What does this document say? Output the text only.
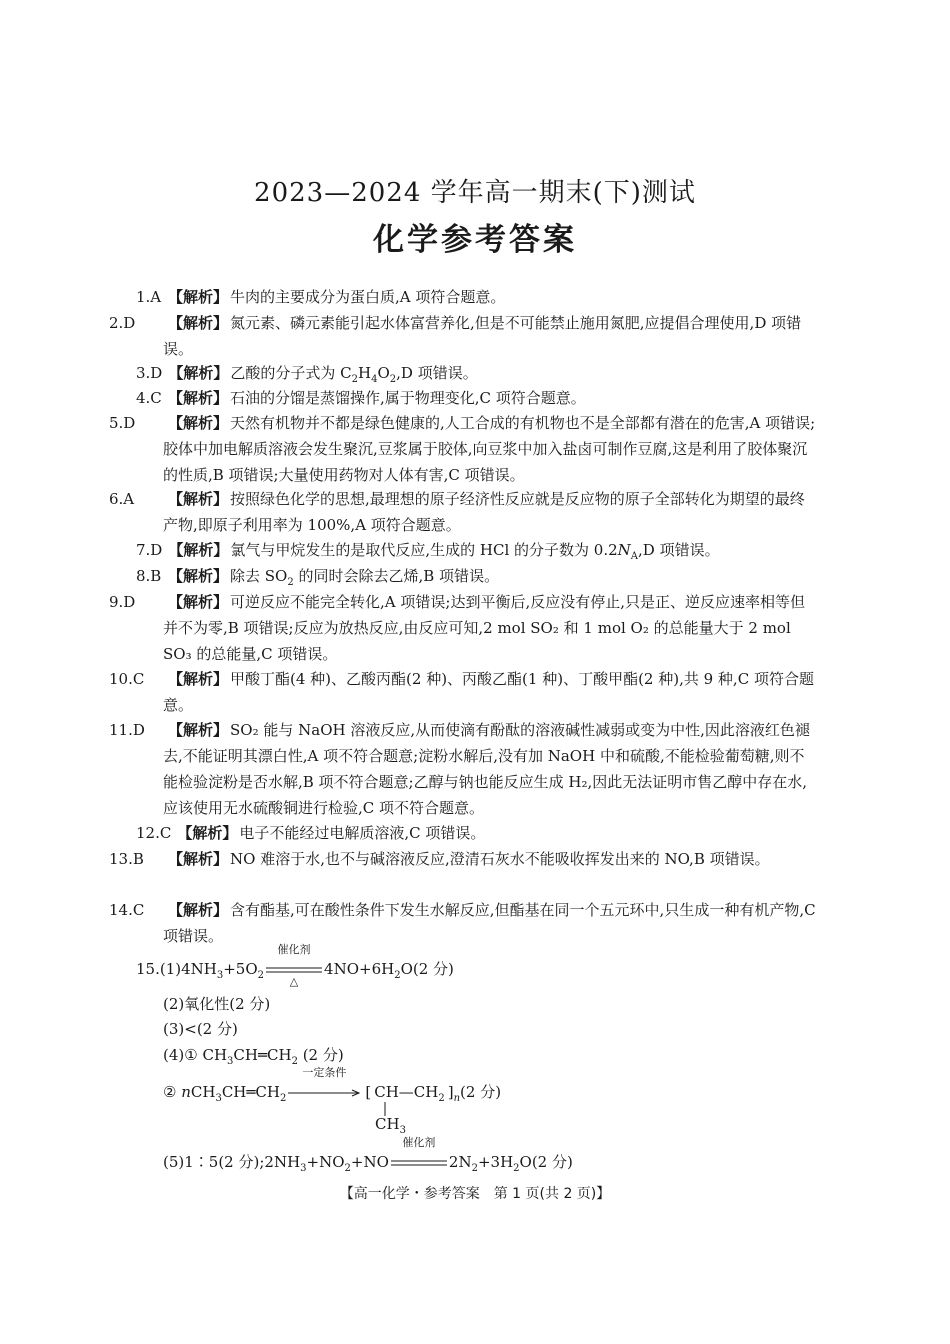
2023—2024 学年高一期末(下)测试
化学参考答案
1.A 【解析】 牛肉的主要成分为蛋白质,A 项符合题意。
2.D 【解析】 氮元素、磷元素能引起水体富营养化,但是不可能禁止施用氮肥,应提倡合理使用,D 项错误。
3.D 【解析】 乙酸的分子式为 $C_2H_4O_2,D$ 项错误。
4.C 【解析】 石油的分馏是蒸馏操作,属于物理变化,C 项符合题意。
5.D 【解析】 天然有机物并不都是绿色健康的,人工合成的有机物也不是全部都有潜在的危害,A 项错误;胶体中加电解质溶液会发生聚沉,豆浆属于胶体,向豆浆中加入盐卤可制作豆腐,这是利用了胶体聚沉的性质,B 项错误;大量使用药物对人体有害,C 项错误。
6.A 【解析】 按照绿色化学的思想,最理想的原子经济性反应就是反应物的原子全部转化为期望的最终产物,即原子利用率为 100%,A 项符合题意。
7.D 【解析】 氯气与甲烷发生的是取代反应,生成的 HCl 的分子数为 $0.2N_A,D$ 项错误。
8.B 【解析】 除去 $SO_2$ 的同时会除去乙烯,B 项错误。
9.D 【解析】 可逆反应不能完全转化,A 项错误;达到平衡后,反应没有停止,只是正、逆反应速率相等但并不为零,B 项错误;反应为放热反应,由反应可知,2 mol SO₂ 和 1 mol O₂ 的总能量大于 2 mol SO₃ 的总能量,C 项错误。
10.C 【解析】 甲酸丁酯(4 种)、乙酸丙酯(2 种)、丙酸乙酯(1 种)、丁酸甲酯(2 种),共 9 种,C 项符合题意。
11.D 【解析】 SO₂ 能与 NaOH 溶液反应,从而使滴有酚酞的溶液碱性减弱或变为中性,因此溶液红色褪去,不能证明其漂白性,A 项不符合题意;淀粉水解后,没有加 NaOH 中和硫酸,不能检验葡萄糖,则不能检验淀粉是否水解,B 项不符合题意;乙醇与钠也能反应生成 H₂,因此无法证明市售乙醇中存在水,应该使用无水硫酸铜进行检验,C 项不符合题意。
12.C 【解析】 电子不能经过电解质溶液,C 项错误。
13.B 【解析】 NO 难溶于水,也不与碱溶液反应,澄清石灰水不能吸收挥发出来的 NO,B 项错误。
14.C 【解析】 含有酯基,可在酸性条件下发生水解反应,但酯基在同一个五元环中,只生成一种有机产物,C 项错误。
$15.(1)4NH_3+5O_2$
催化剂
△
$4NO+6H_2O(2$ 分)
(2)氧化性(2 分)
(3)<(2 分)
(4)① $CH_3CH═CH_2$ (2 分)
② $nCH_3CH═CH_2$
一定条件
[ $CH—CH_2$ ]$_n(2$ 分)
$CH_3$
(5)1∶5(2 分)$;2NH_3+NO_2+NO$
催化剂
$2N_2+3H_2O(2$ 分)
【高一化学・参考答案　第 1 页(共 2 页)】
